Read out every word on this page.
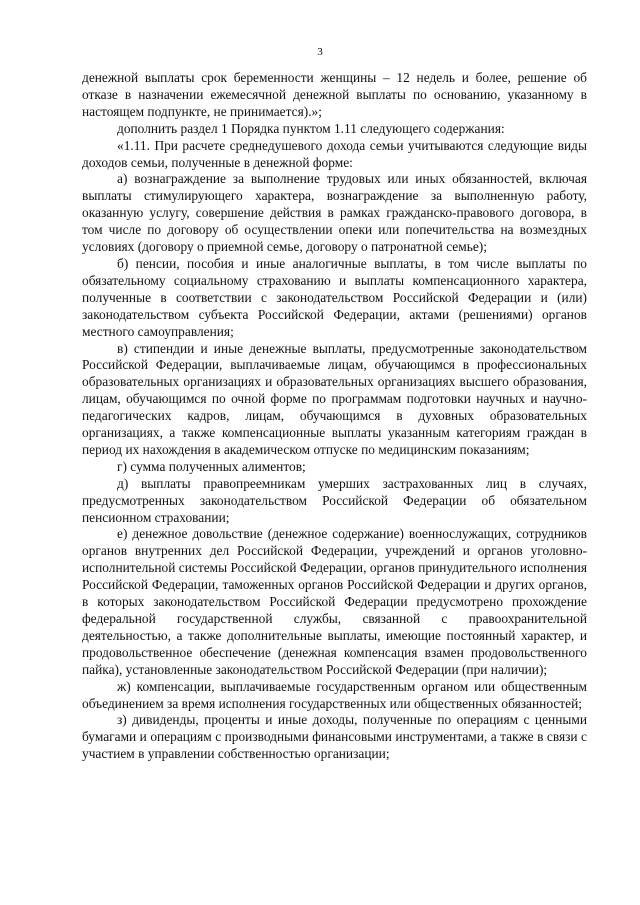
3

денежной выплаты срок беременности женщины – 12 недель и более, решение об отказе в назначении ежемесячной денежной выплаты по основанию, указанному в настоящем подпункте, не принимается).»;

дополнить раздел 1 Порядка пунктом 1.11 следующего содержания:

«1.11. При расчете среднедушевого дохода семьи учитываются следующие виды доходов семьи, полученные в денежной форме:

а) вознаграждение за выполнение трудовых или иных обязанностей, включая выплаты стимулирующего характера, вознаграждение за выполненную работу, оказанную услугу, совершение действия в рамках гражданско-правового договора, в том числе по договору об осуществлении опеки или попечительства на возмездных условиях (договору о приемной семье, договору о патронатной семье);

б) пенсии, пособия и иные аналогичные выплаты, в том числе выплаты по обязательному социальному страхованию и выплаты компенсационного характера, полученные в соответствии с законодательством Российской Федерации и (или) законодательством субъекта Российской Федерации, актами (решениями) органов местного самоуправления;

в) стипендии и иные денежные выплаты, предусмотренные законодательством Российской Федерации, выплачиваемые лицам, обучающимся в профессиональных образовательных организациях и образовательных организациях высшего образования, лицам, обучающимся по очной форме по программам подготовки научных и научно-педагогических кадров, лицам, обучающимся в духовных образовательных организациях, а также компенсационные выплаты указанным категориям граждан в период их нахождения в академическом отпуске по медицинским показаниям;

г) сумма полученных алиментов;

д) выплаты правопреемникам умерших застрахованных лиц в случаях, предусмотренных законодательством Российской Федерации об обязательном пенсионном страховании;

е) денежное довольствие (денежное содержание) военнослужащих, сотрудников органов внутренних дел Российской Федерации, учреждений и органов уголовно-исполнительной системы Российской Федерации, органов принудительного исполнения Российской Федерации, таможенных органов Российской Федерации и других органов, в которых законодательством Российской Федерации предусмотрено прохождение федеральной государственной службы, связанной с правоохранительной деятельностью, а также дополнительные выплаты, имеющие постоянный характер, и продовольственное обеспечение (денежная компенсация взамен продовольственного пайка), установленные законодательством Российской Федерации (при наличии);

ж) компенсации, выплачиваемые государственным органом или общественным объединением за время исполнения государственных или общественных обязанностей;

з) дивиденды, проценты и иные доходы, полученные по операциям с ценными бумагами и операциям с производными финансовыми инструментами, а также в связи с участием в управлении собственностью организации;
